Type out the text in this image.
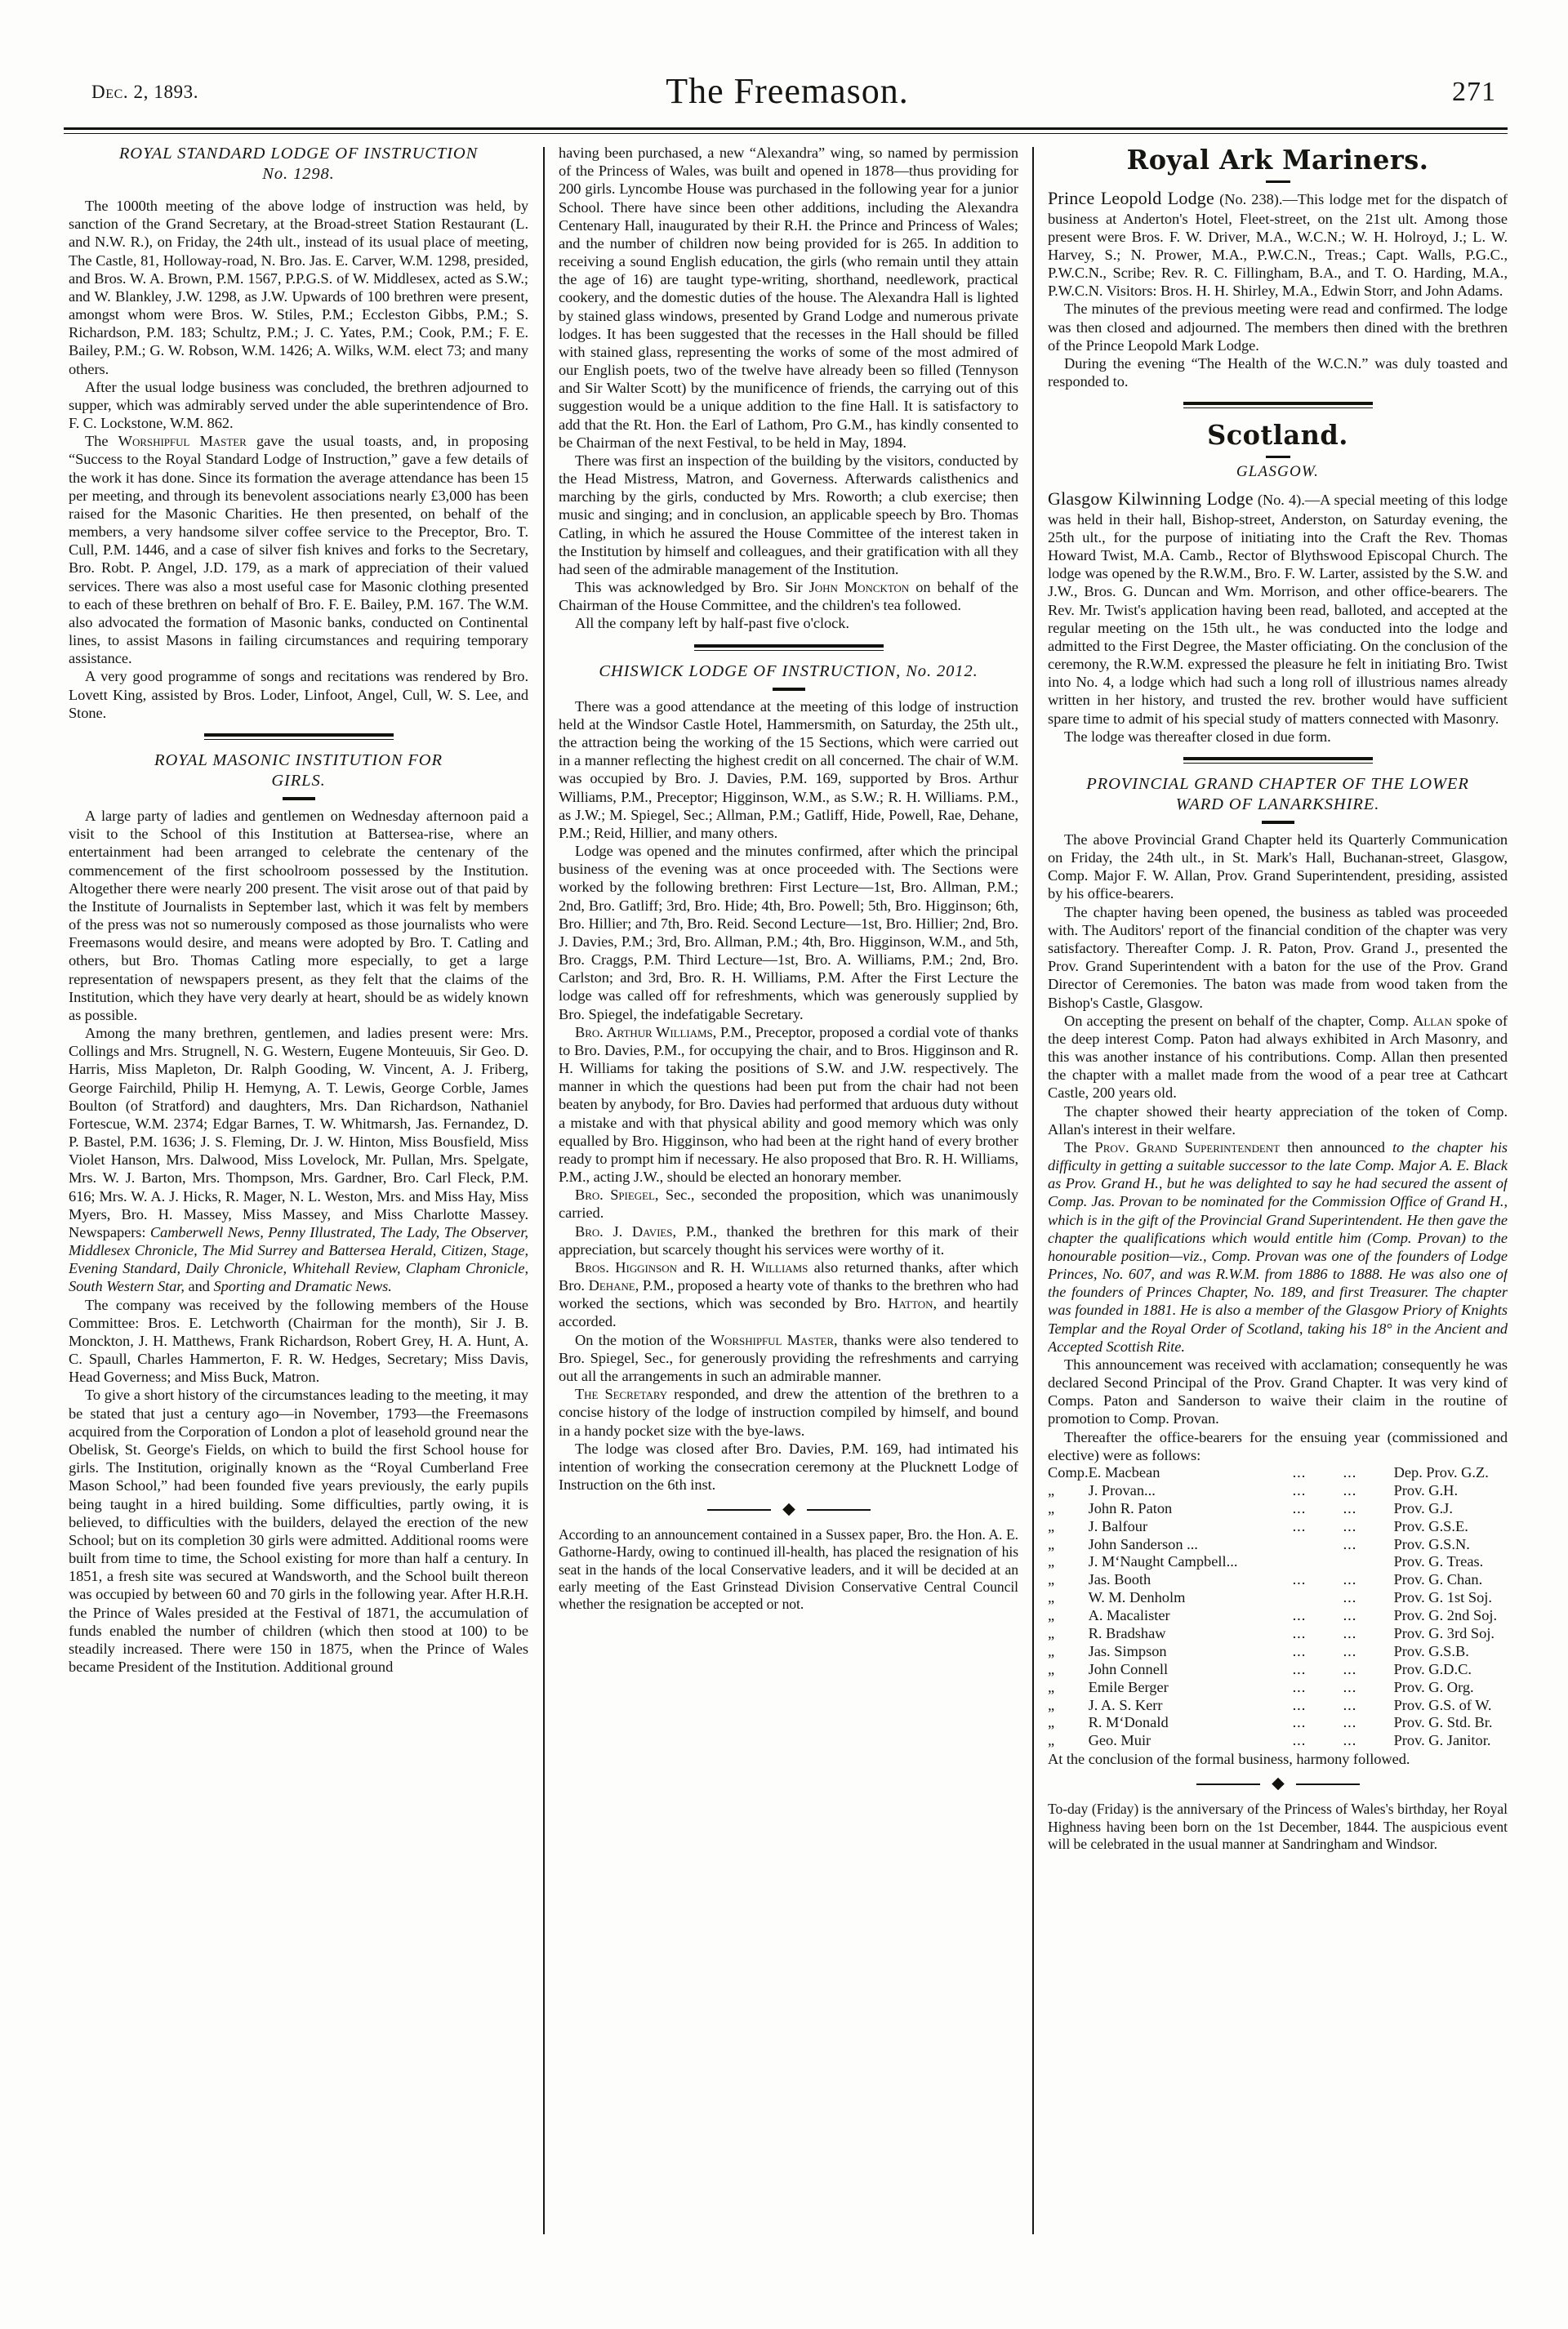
Dec. 2, 1893.	The Freemason.	271
ROYAL STANDARD LODGE OF INSTRUCTION
No. 1298.

The 1000th meeting of the above lodge of instruction was held, by sanction of the Grand Secretary, at the Broad-street Station Restaurant (L. and N.W. R.), on Friday, the 24th ult., instead of its usual place of meeting, The Castle, 81, Holloway-road, N. Bro. Jas. E. Carver, W.M. 1298, presided, and Bros. W. A. Brown, P.M. 1567, P.P.G.S. of W. Middlesex, acted as S.W.; and W. Blankley, J.W. 1298, as J.W. Upwards of 100 brethren were present, amongst whom were Bros. W. Stiles, P.M.; Eccleston Gibbs, P.M.; S. Richardson, P.M. 183; Schultz, P.M.; J. C. Yates, P.M.; Cook, P.M.; F. E. Bailey, P.M.; G. W. Robson, W.M. 1426; A. Wilks, W.M. elect 73; and many others.

After the usual lodge business was concluded, the brethren adjourned to supper, which was admirably served under the able superintendence of Bro. F. C. Lockstone, W.M. 862.

The Worshipful Master gave the usual toasts, and, in proposing “Success to the Royal Standard Lodge of Instruction,” gave a few details of the work it has done. Since its formation the average attendance has been 15 per meeting, and through its benevolent associations nearly £3,000 has been raised for the Masonic Charities. He then presented, on behalf of the members, a very handsome silver coffee service to the Preceptor, Bro. T. Cull, P.M. 1446, and a case of silver fish knives and forks to the Secretary, Bro. Robt. P. Angel, J.D. 179, as a mark of appreciation of their valued services. There was also a most useful case for Masonic clothing presented to each of these brethren on behalf of Bro. F. E. Bailey, P.M. 167. The W.M. also advocated the formation of Masonic banks, conducted on Continental lines, to assist Masons in failing circumstances and requiring temporary assistance.

A very good programme of songs and recitations was rendered by Bro. Lovett King, assisted by Bros. Loder, Linfoot, Angel, Cull, W. S. Lee, and Stone.

ROYAL MASONIC INSTITUTION FOR
GIRLS.

A large party of ladies and gentlemen on Wednesday afternoon paid a visit to the School of this Institution at Battersea-rise, where an entertainment had been arranged to celebrate the centenary of the commencement of the first schoolroom possessed by the Institution. Altogether there were nearly 200 present. The visit arose out of that paid by the Institute of Journalists in September last, which it was felt by members of the press was not so numerously composed as those journalists who were Freemasons would desire, and means were adopted by Bro. T. Catling and others, but Bro. Thomas Catling more especially, to get a large representation of newspapers present, as they felt that the claims of the Institution, which they have very dearly at heart, should be as widely known as possible.

Among the many brethren, gentlemen, and ladies present were: Mrs. Collings and Mrs. Strugnell, N. G. Western, Eugene Monteuuis, Sir Geo. D. Harris, Miss Mapleton, Dr. Ralph Gooding, W. Vincent, A. J. Friberg, George Fairchild, Philip H. Hemyng, A. T. Lewis, George Corble, James Boulton (of Stratford) and daughters, Mrs. Dan Richardson, Nathaniel Fortescue, W.M. 2374; Edgar Barnes, T. W. Whitmarsh, Jas. Fernandez, D. P. Bastel, P.M. 1636; J. S. Fleming, Dr. J. W. Hinton, Miss Bousfield, Miss Violet Hanson, Mrs. Dalwood, Miss Lovelock, Mr. Pullan, Mrs. Spelgate, Mrs. W. J. Barton, Mrs. Thompson, Mrs. Gardner, Bro. Carl Fleck, P.M. 616; Mrs. W. A. J. Hicks, R. Mager, N. L. Weston, Mrs. and Miss Hay, Miss Myers, Bro. H. Massey, Miss Massey, and Miss Charlotte Massey. Newspapers: Camberwell News, Penny Illustrated, The Lady, The Observer, Middlesex Chronicle, The Mid Surrey and Battersea Herald, Citizen, Stage, Evening Standard, Daily Chronicle, Whitehall Review, Clapham Chronicle, South Western Star, and Sporting and Dramatic News.

The company was received by the following members of the House Committee: Bros. E. Letchworth (Chairman for the month), Sir J. B. Monckton, J. H. Matthews, Frank Richardson, Robert Grey, H. A. Hunt, A. C. Spaull, Charles Hammerton, F. R. W. Hedges, Secretary; Miss Davis, Head Governess; and Miss Buck, Matron.

To give a short history of the circumstances leading to the meeting, it may be stated that just a century ago—in November, 1793—the Freemasons acquired from the Corporation of London a plot of leasehold ground near the Obelisk, St. George's Fields, on which to build the first School house for girls. The Institution, originally known as the “Royal Cumberland Free Mason School,” had been founded five years previously, the early pupils being taught in a hired building. Some difficulties, partly owing, it is believed, to difficulties with the builders, delayed the erection of the new School; but on its completion 30 girls were admitted. Additional rooms were built from time to time, the School existing for more than half a century. In 1851, a fresh site was secured at Wandsworth, and the School built thereon was occupied by between 60 and 70 girls in the following year. After H.R.H. the Prince of Wales presided at the Festival of 1871, the accumulation of funds enabled the number of children (which then stood at 100) to be steadily increased. There were 150 in 1875, when the Prince of Wales became President of the Institution. Additional ground

having been purchased, a new “Alexandra” wing, so named by permission of the Princess of Wales, was built and opened in 1878—thus providing for 200 girls. Lyncombe House was purchased in the following year for a junior School. There have since been other additions, including the Alexandra Centenary Hall, inaugurated by their R.H. the Prince and Princess of Wales; and the number of children now being provided for is 265. In addition to receiving a sound English education, the girls (who remain until they attain the age of 16) are taught type-writing, shorthand, needlework, practical cookery, and the domestic duties of the house. The Alexandra Hall is lighted by stained glass windows, presented by Grand Lodge and numerous private lodges. It has been suggested that the recesses in the Hall should be filled with stained glass, representing the works of some of the most admired of our English poets, two of the twelve have already been so filled (Tennyson and Sir Walter Scott) by the munificence of friends, the carrying out of this suggestion would be a unique addition to the fine Hall. It is satisfactory to add that the Rt. Hon. the Earl of Lathom, Pro G.M., has kindly consented to be Chairman of the next Festival, to be held in May, 1894.

There was first an inspection of the building by the visitors, conducted by the Head Mistress, Matron, and Governess. Afterwards calisthenics and marching by the girls, conducted by Mrs. Roworth; a club exercise; then music and singing; and in conclusion, an applicable speech by Bro. Thomas Catling, in which he assured the House Committee of the interest taken in the Institution by himself and colleagues, and their gratification with all they had seen of the admirable management of the Institution.

This was acknowledged by Bro. Sir John Monckton on behalf of the Chairman of the House Committee, and the children's tea followed.

All the company left by half-past five o'clock.

CHISWICK LODGE OF INSTRUCTION, No. 2012.

There was a good attendance at the meeting of this lodge of instruction held at the Windsor Castle Hotel, Hammersmith, on Saturday, the 25th ult., the attraction being the working of the 15 Sections, which were carried out in a manner reflecting the highest credit on all concerned. The chair of W.M. was occupied by Bro. J. Davies, P.M. 169, supported by Bros. Arthur Williams, P.M., Preceptor; Higginson, W.M., as S.W.; R. H. Williams. P.M., as J.W.; M. Spiegel, Sec.; Allman, P.M.; Gatliff, Hide, Powell, Rae, Dehane, P.M.; Reid, Hillier, and many others.

Lodge was opened and the minutes confirmed, after which the principal business of the evening was at once proceeded with. The Sections were worked by the following brethren: First Lecture—1st, Bro. Allman, P.M.; 2nd, Bro. Gatliff; 3rd, Bro. Hide; 4th, Bro. Powell; 5th, Bro. Higginson; 6th, Bro. Hillier; and 7th, Bro. Reid. Second Lecture—1st, Bro. Hillier; 2nd, Bro. J. Davies, P.M.; 3rd, Bro. Allman, P.M.; 4th, Bro. Higginson, W.M., and 5th, Bro. Craggs, P.M. Third Lecture—1st, Bro. A. Williams, P.M.; 2nd, Bro. Carlston; and 3rd, Bro. R. H. Williams, P.M. After the First Lecture the lodge was called off for refreshments, which was generously supplied by Bro. Spiegel, the indefatigable Secretary.

Bro. Arthur Williams, P.M., Preceptor, proposed a cordial vote of thanks to Bro. Davies, P.M., for occupying the chair, and to Bros. Higginson and R. H. Williams for taking the positions of S.W. and J.W. respectively. The manner in which the questions had been put from the chair had not been beaten by anybody, for Bro. Davies had performed that arduous duty without a mistake and with that physical ability and good memory which was only equalled by Bro. Higginson, who had been at the right hand of every brother ready to prompt him if necessary. He also proposed that Bro. R. H. Williams, P.M., acting J.W., should be elected an honorary member.

Bro. Spiegel, Sec., seconded the proposition, which was unanimously carried.

Bro. J. Davies, P.M., thanked the brethren for this mark of their appreciation, but scarcely thought his services were worthy of it.

Bros. Higginson and R. H. Williams also returned thanks, after which Bro. Dehane, P.M., proposed a hearty vote of thanks to the brethren who had worked the sections, which was seconded by Bro. Hatton, and heartily accorded.

On the motion of the Worshipful Master, thanks were also tendered to Bro. Spiegel, Sec., for generously providing the refreshments and carrying out all the arrangements in such an admirable manner.

The Secretary responded, and drew the attention of the brethren to a concise history of the lodge of instruction compiled by himself, and bound in a handy pocket size with the bye-laws.

The lodge was closed after Bro. Davies, P.M. 169, had intimated his intention of working the consecration ceremony at the Plucknett Lodge of Instruction on the 6th inst.

According to an announcement contained in a Sussex paper, Bro. the Hon. A. E. Gathorne-Hardy, owing to continued ill-health, has placed the resignation of his seat in the hands of the local Conservative leaders, and it will be decided at an early meeting of the East Grinstead Division Conservative Central Council whether the resignation be accepted or not.

Royal Ark Mariners.

Prince Leopold Lodge (No. 238).—This lodge met for the dispatch of business at Anderton's Hotel, Fleet-street, on the 21st ult. Among those present were Bros. F. W. Driver, M.A., W.C.N.; W. H. Holroyd, J.; L. W. Harvey, S.; N. Prower, M.A., P.W.C.N., Treas.; Capt. Walls, P.G.C., P.W.C.N., Scribe; Rev. R. C. Fillingham, B.A., and T. O. Harding, M.A., P.W.C.N. Visitors: Bros. H. H. Shirley, M.A., Edwin Storr, and John Adams.

The minutes of the previous meeting were read and confirmed. The lodge was then closed and adjourned. The members then dined with the brethren of the Prince Leopold Mark Lodge.

During the evening “The Health of the W.C.N.” was duly toasted and responded to.

Scotland.
GLASGOW.

Glasgow Kilwinning Lodge (No. 4).—A special meeting of this lodge was held in their hall, Bishop-street, Anderston, on Saturday evening, the 25th ult., for the purpose of initiating into the Craft the Rev. Thomas Howard Twist, M.A. Camb., Rector of Blythswood Episcopal Church. The lodge was opened by the R.W.M., Bro. F. W. Larter, assisted by the S.W. and J.W., Bros. G. Duncan and Wm. Morrison, and other office-bearers. The Rev. Mr. Twist's application having been read, balloted, and accepted at the regular meeting on the 15th ult., he was conducted into the lodge and admitted to the First Degree, the Master officiating. On the conclusion of the ceremony, the R.W.M. expressed the pleasure he felt in initiating Bro. Twist into No. 4, a lodge which had such a long roll of illustrious names already written in her history, and trusted the rev. brother would have sufficient spare time to admit of his special study of matters connected with Masonry.

The lodge was thereafter closed in due form.

PROVINCIAL GRAND CHAPTER OF THE LOWER
WARD OF LANARKSHIRE.

The above Provincial Grand Chapter held its Quarterly Communication on Friday, the 24th ult., in St. Mark's Hall, Buchanan-street, Glasgow, Comp. Major F. W. Allan, Prov. Grand Superintendent, presiding, assisted by his office-bearers.

The chapter having been opened, the business as tabled was proceeded with. The Auditors' report of the financial condition of the chapter was very satisfactory. Thereafter Comp. J. R. Paton, Prov. Grand J., presented the Prov. Grand Superintendent with a baton for the use of the Prov. Grand Director of Ceremonies. The baton was made from wood taken from the Bishop's Castle, Glasgow.

On accepting the present on behalf of the chapter, Comp. Allan spoke of the deep interest Comp. Paton had always exhibited in Arch Masonry, and this was another instance of his contributions. Comp. Allan then presented the chapter with a mallet made from the wood of a pear tree at Cathcart Castle, 200 years old.

The chapter showed their hearty appreciation of the token of Comp. Allan's interest in their welfare.

The Prov. Grand Superintendent then announced to the chapter his difficulty in getting a suitable successor to the late Comp. Major A. E. Black as Prov. Grand H., but he was delighted to say he had secured the assent of Comp. Jas. Provan to be nominated for the Commission Office of Grand H., which is in the gift of the Provincial Grand Superintendent. He then gave the chapter the qualifications which would entitle him (Comp. Provan) to the honourable position—viz., Comp. Provan was one of the founders of Lodge Princes, No. 607, and was R.W.M. from 1886 to 1888. He was also one of the founders of Princes Chapter, No. 189, and first Treasurer. The chapter was founded in 1881. He is also a member of the Glasgow Priory of Knights Templar and the Royal Order of Scotland, taking his 18° in the Ancient and Accepted Scottish Rite.

This announcement was received with acclamation; consequently he was declared Second Principal of the Prov. Grand Chapter. It was very kind of Comps. Paton and Sanderson to waive their claim in the routine of promotion to Comp. Provan.

Thereafter the office-bearers for the ensuing year (commissioned and elective) were as follows:

Comp.	E. Macbean	...	...	Dep. Prov. G.Z.
„	J. Provan...	...	...	Prov. G.H.
„	John R. Paton	...	...	Prov. G.J.
„	J. Balfour	...	...	Prov. G.S.E.
„	John Sanderson ...		...	Prov. G.S.N.
„	J. M‘Naught Campbell...			Prov. G. Treas.
„	Jas. Booth	...	...	Prov. G. Chan.
„	W. M. Denholm		...	Prov. G. 1st Soj.
„	A. Macalister	...	...	Prov. G. 2nd Soj.
„	R. Bradshaw	...	...	Prov. G. 3rd Soj.
„	Jas. Simpson	...	...	Prov. G.S.B.
„	John Connell	...	...	Prov. G.D.C.
„	Emile Berger	...	...	Prov. G. Org.
„	J. A. S. Kerr	...	...	Prov. G.S. of W.
„	R. M‘Donald	...	...	Prov. G. Std. Br.
„	Geo. Muir	...	...	Prov. G. Janitor.

At the conclusion of the formal business, harmony followed.

To-day (Friday) is the anniversary of the Princess of Wales's birthday, her Royal Highness having been born on the 1st December, 1844. The auspicious event will be celebrated in the usual manner at Sandringham and Windsor.
